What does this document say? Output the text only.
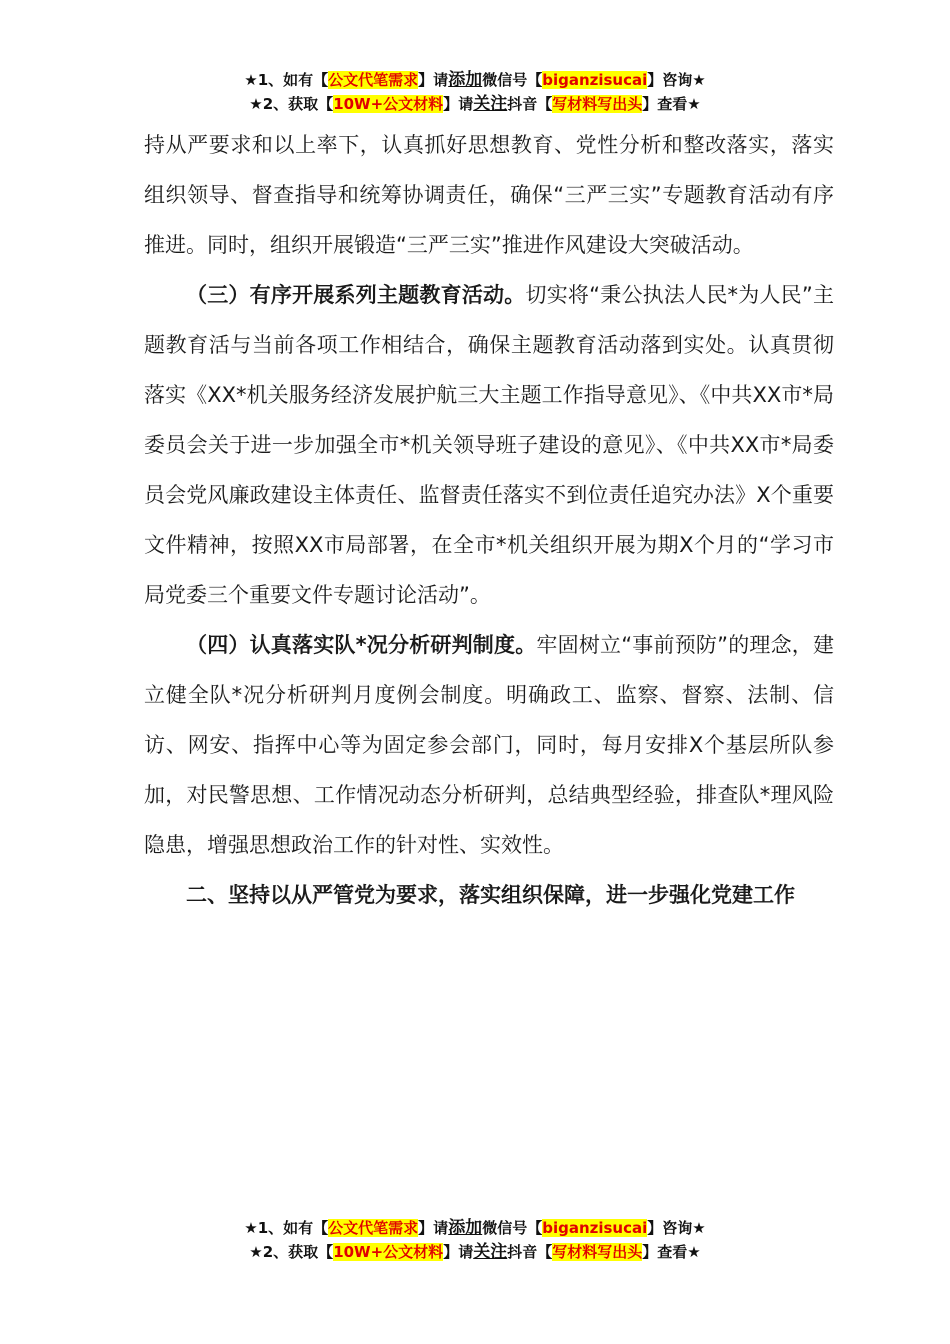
★1、如有【公文代笔需求】请添加微信号【biganzisucai】咨询★
★2、获取【10W+公文材料】请关注抖音【写材料写出头】查看★

持从严要求和以上率下，认真抓好思想教育、党性分析和整改落实，落实组织领导、督查指导和统筹协调责任，确保“三严三实”专题教育活动有序推进。同时，组织开展锻造“三严三实”推进作风建设大突破活动。

（三）有序开展系列主题教育活动。切实将“秉公执法人民*为人民”主题教育活与当前各项工作相结合，确保主题教育活动落到实处。认真贯彻落实《XX*机关服务经济发展护航三大主题工作指导意见》、《中共XX市*局委员会关于进一步加强全市*机关领导班子建设的意见》、《中共XX市*局委员会党风廉政建设主体责任、监督责任落实不到位责任追究办法》X个重要文件精神，按照XX市局部署，在全市*机关组织开展为期X个月的“学习市局党委三个重要文件专题讨论活动”。

（四）认真落实队*况分析研判制度。牢固树立“事前预防”的理念，建立健全队*况分析研判月度例会制度。明确政工、监察、督察、法制、信访、网安、指挥中心等为固定参会部门，同时，每月安排X个基层所队参加，对民警思想、工作情况动态分析研判，总结典型经验，排查队*理风险隐患，增强思想政治工作的针对性、实效性。

二、坚持以从严管党为要求，落实组织保障，进一步强化党建工作

★1、如有【公文代笔需求】请添加微信号【biganzisucai】咨询★
★2、获取【10W+公文材料】请关注抖音【写材料写出头】查看★
